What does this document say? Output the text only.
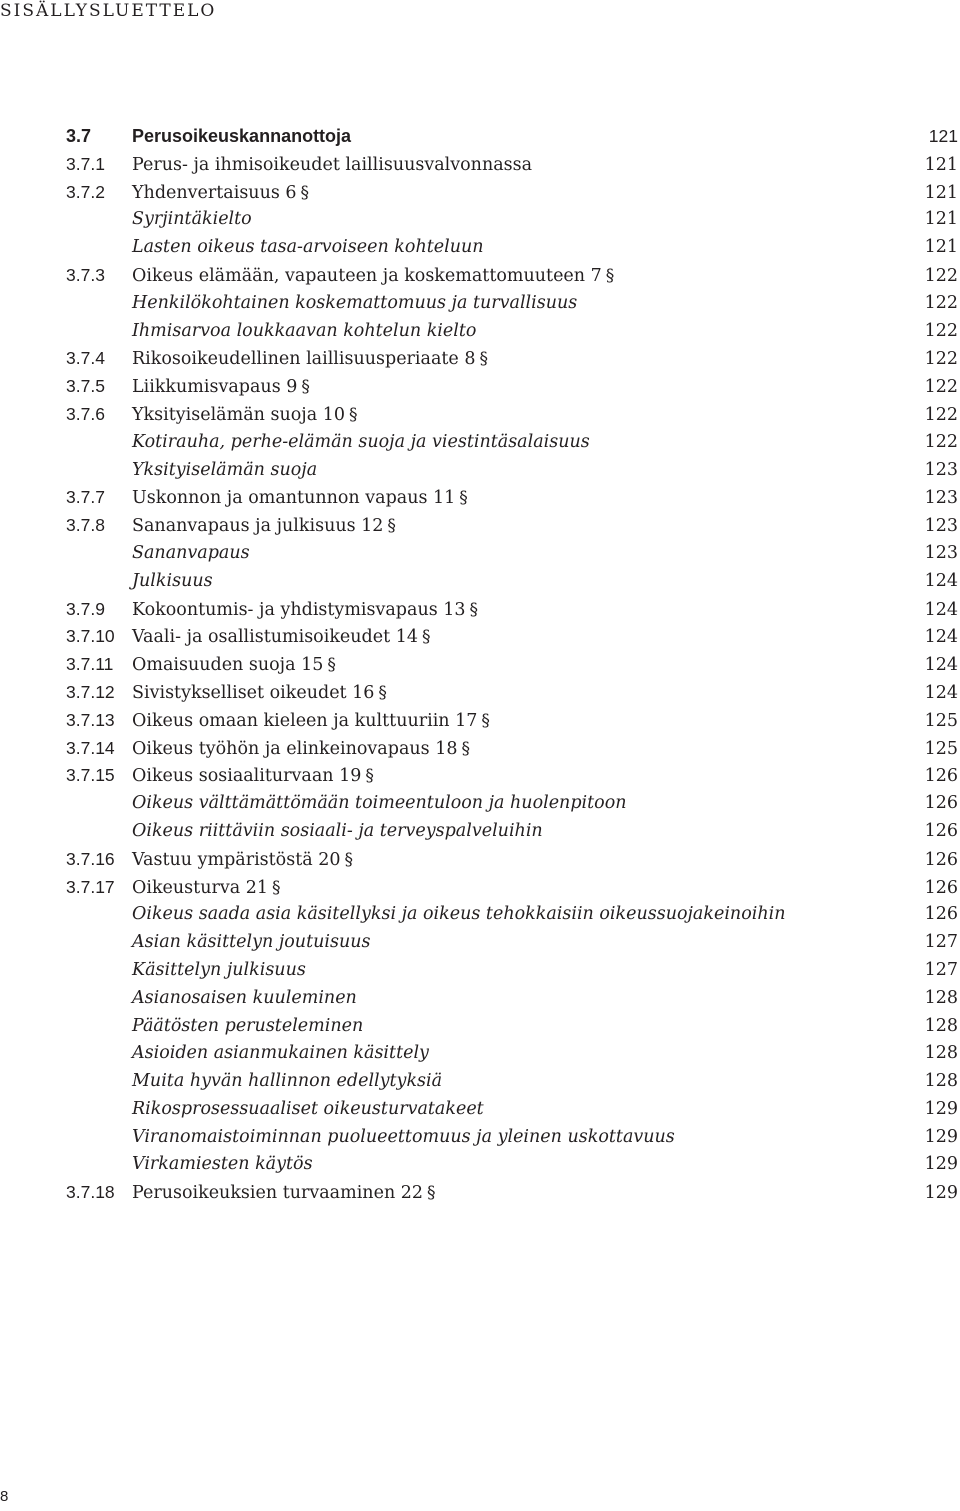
SISÄLLYSLUETTELO
3.7	Perusoikeuskannanottoja	121
3.7.1	Perus- ja ihmisoikeudet laillisuusvalvonnassa	121
3.7.2	Yhdenvertaisuus 6 §	121
Syrjintäkielto	121
Lasten oikeus tasa-arvoiseen kohteluun	121
3.7.3	Oikeus elämään, vapauteen ja koskemattomuuteen 7 §	122
Henkilökohtainen koskemattomuus ja turvallisuus	122
Ihmisarvoa loukkaavan kohtelun kielto	122
3.7.4	Rikosoikeudellinen laillisuusperiaate 8 §	122
3.7.5	Liikkumisvapaus 9 §	122
3.7.6	Yksityiselämän suoja 10 §	122
Kotirauha, perhe-elämän suoja ja viestintäsalaisuus	122
Yksityiselämän suoja	123
3.7.7	Uskonnon ja omantunnon vapaus 11 §	123
3.7.8	Sananvapaus ja julkisuus 12 §	123
Sananvapaus	123
Julkisuus	124
3.7.9	Kokoontumis- ja yhdistymisvapaus 13 §	124
3.7.10 Vaali- ja osallistumisoikeudet 14 §	124
3.7.11	Omaisuuden suoja 15 §	124
3.7.12 Sivistykselliset oikeudet 16 §	124
3.7.13 Oikeus omaan kieleen ja kulttuuriin 17 §	125
3.7.14 Oikeus työhön ja elinkeinovapaus 18 §	125
3.7.15 Oikeus sosiaaliturvaan 19 §	126
Oikeus välttämättömään toimeentuloon ja huolenpitoon	126
Oikeus riittäviin sosiaali- ja terveyspalveluihin	126
3.7.16 Vastuu ympäristöstä 20 §	126
3.7.17 Oikeusturva 21 §	126
Oikeus saada asia käsitellyksi ja oikeus tehokkaisiin oikeussuojakeinoihin	126
Asian käsittelyn joutuisuus	127
Käsittelyn julkisuus	127
Asianosaisen kuuleminen	128
Päätösten perusteleminen	128
Asioiden asianmukainen käsittely	128
Muita hyvän hallinnon edellytyksiä	128
Rikosprosessuaaliset oikeusturvatakeet	129
Viranomaistoiminnan puolueettomuus ja yleinen uskottavuus	129
Virkamiesten käytös	129
3.7.18 Perusoikeuksien turvaaminen 22 §	129
8
